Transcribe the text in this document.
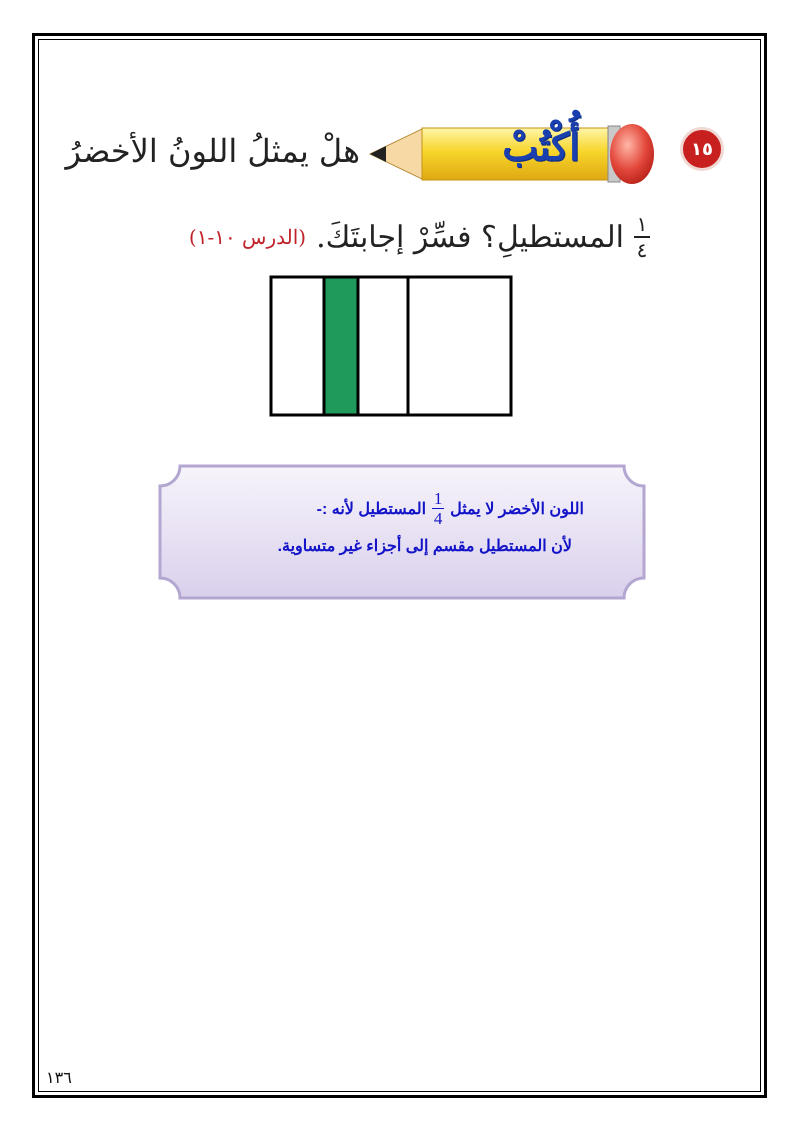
١٥
أُكْتُبْ
هلْ يمثلُ اللونُ الأخضرُ
$\frac{١}{٤}$
المستطيلِ؟ فسِّرْ إجابتَكَ.
(الدرس ١٠-١)
اللون الأخضر لا يمثل
1
4
المستطيل لأنه :-
لأن المستطيل مقسم إلى أجزاء غير متساوية.
١٣٦
